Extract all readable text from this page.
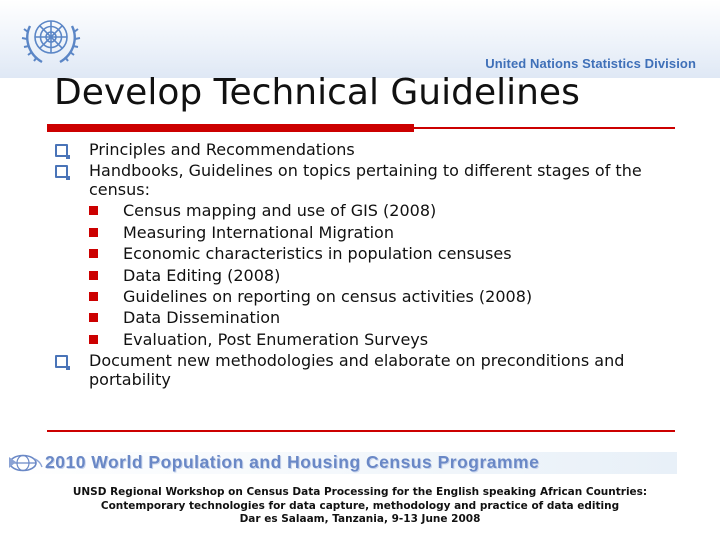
United Nations Statistics Division
Develop Technical Guidelines
Principles and Recommendations
Handbooks, Guidelines on topics pertaining to different stages of the census:
Census mapping and use of GIS (2008)
Measuring International Migration
Economic characteristics in population censuses
Data Editing (2008)
Guidelines on reporting on census activities (2008)
Data Dissemination
Evaluation, Post Enumeration Surveys
Document new methodologies and elaborate on preconditions and portability
2010 World Population and Housing Census Programme
UNSD Regional Workshop on Census Data Processing for the English speaking African Countries:
Contemporary technologies for data capture, methodology and practice of data editing
Dar es Salaam, Tanzania, 9-13 June 2008
